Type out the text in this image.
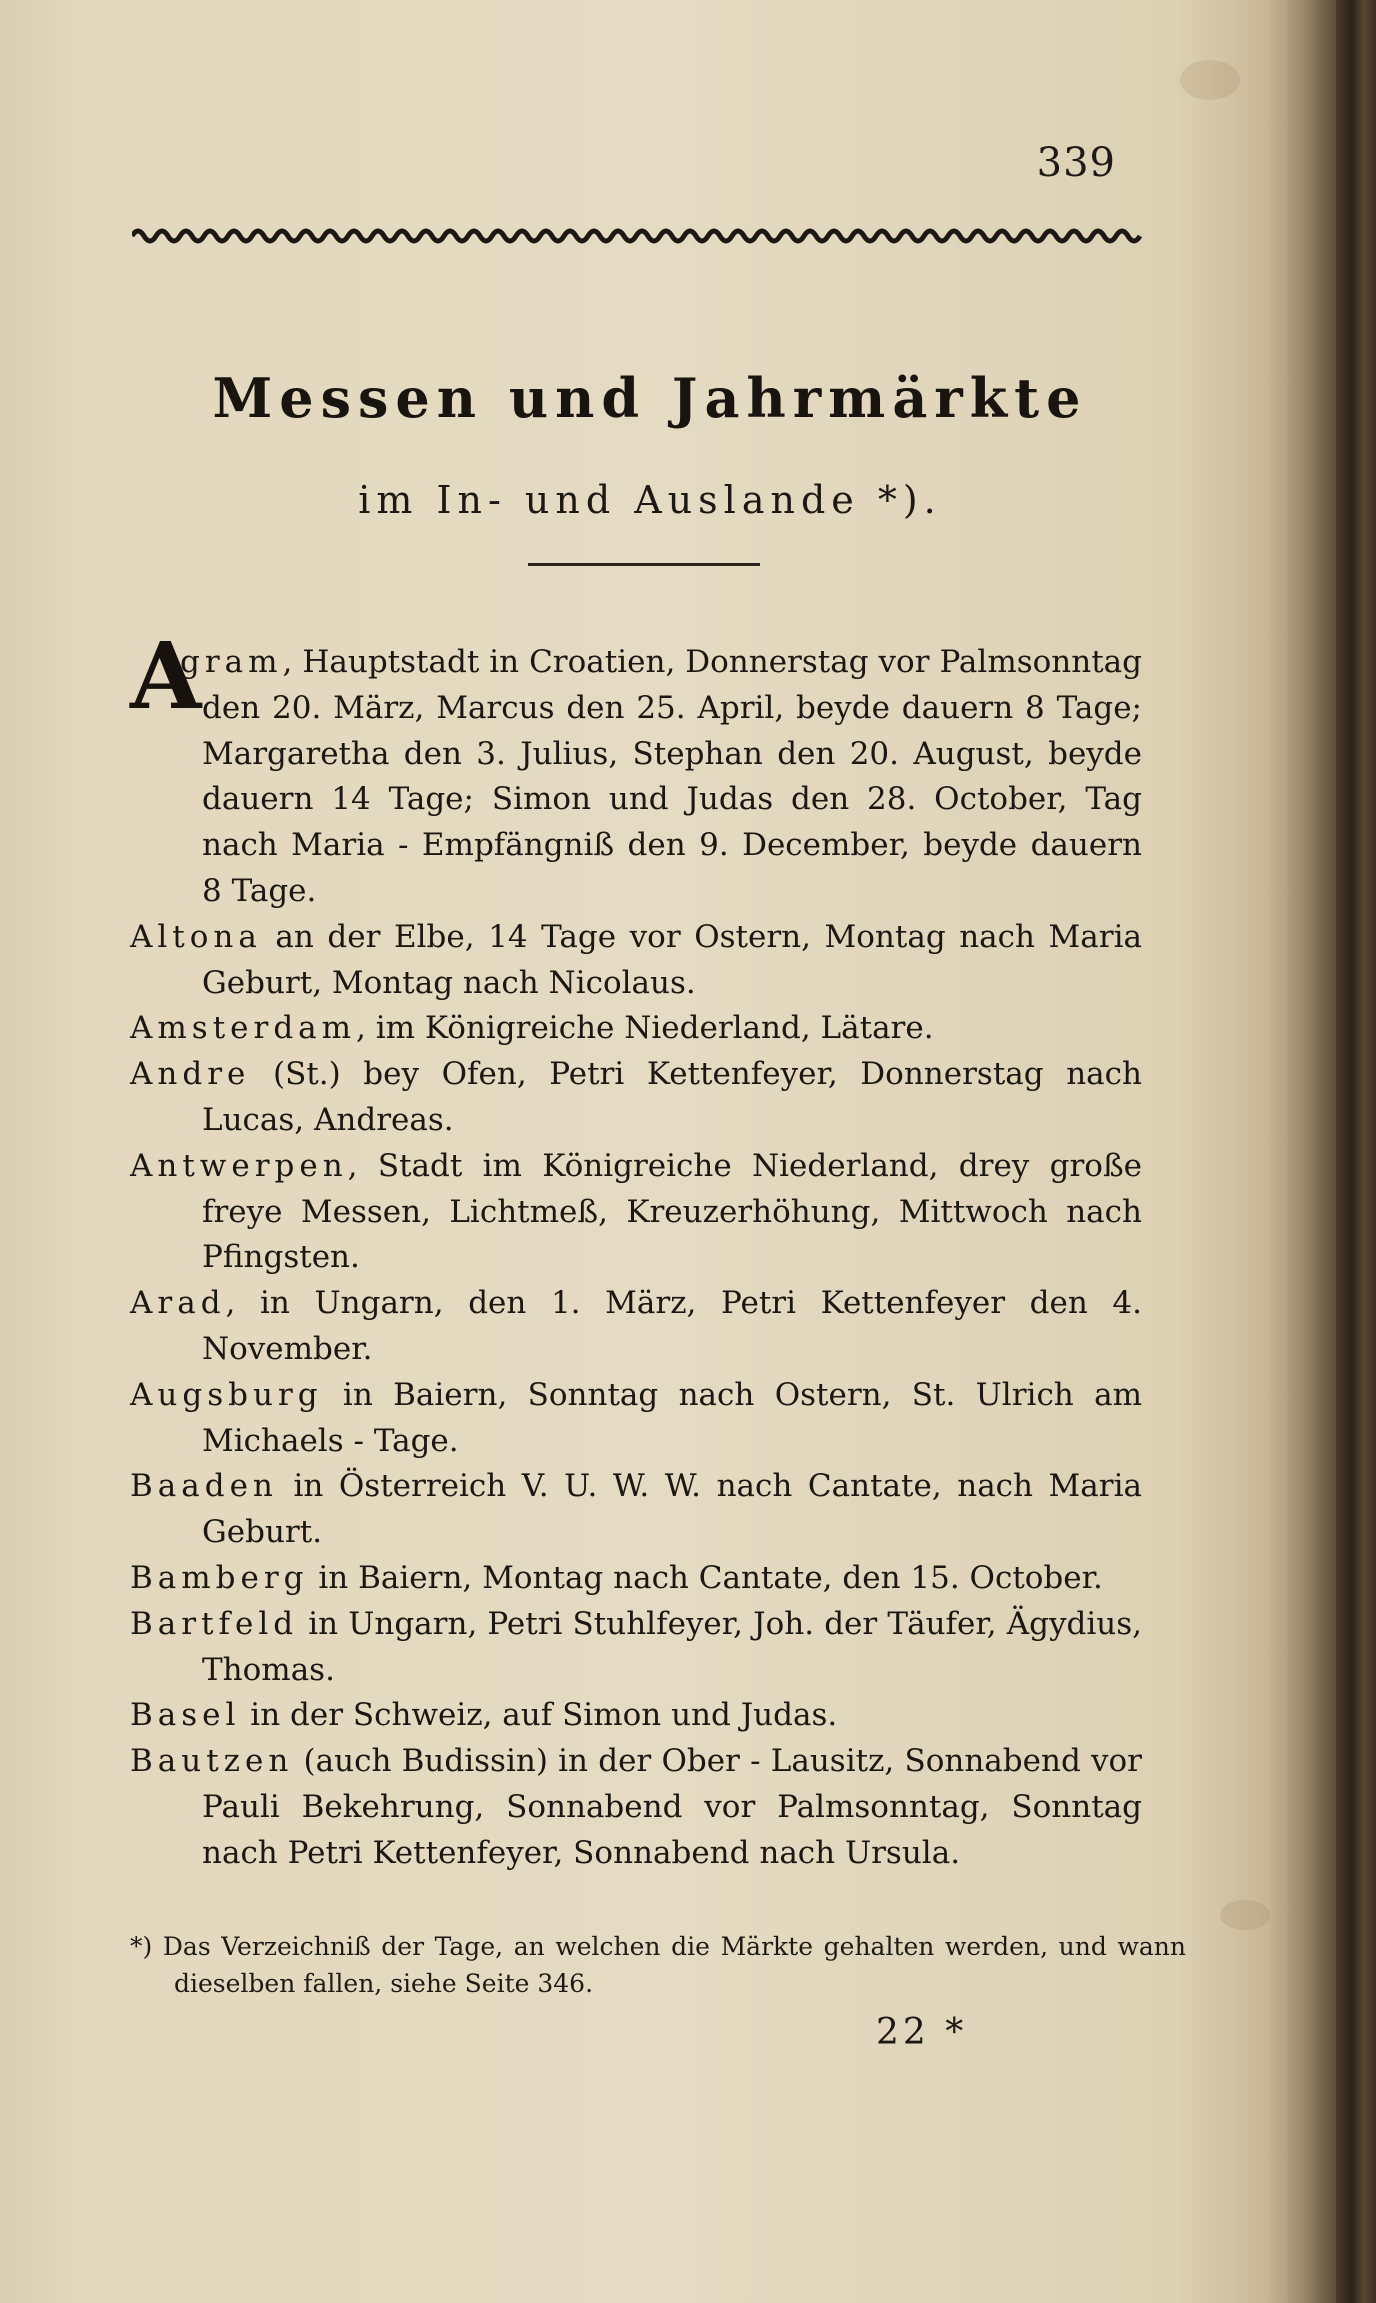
339
Messen und Jahrmärkte
im In- und Auslande *).
A
gram, Hauptstadt in Croatien, Donnerstag vor Palmsonntag den 20. März, Marcus den 25. April, beyde dauern 8 Tage; Margaretha den 3. Julius, Stephan den 20. August, beyde dauern 14 Tage; Simon und Judas den 28. October, Tag nach Maria - Empfängniß den 9. December, beyde dauern 8 Tage.
Altona an der Elbe, 14 Tage vor Ostern, Montag nach Maria Geburt, Montag nach Nicolaus.
Amsterdam, im Königreiche Niederland, Lätare.
Andre (St.) bey Ofen, Petri Kettenfeyer, Donnerstag nach Lucas, Andreas.
Antwerpen, Stadt im Königreiche Niederland, drey große freye Messen, Lichtmeß, Kreuzerhöhung, Mittwoch nach Pfingsten.
Arad, in Ungarn, den 1. März, Petri Kettenfeyer den 4. November.
Augsburg in Baiern, Sonntag nach Ostern, St. Ulrich am Michaels - Tage.
Baaden in Österreich V. U. W. W. nach Cantate, nach Maria Geburt.
Bamberg in Baiern, Montag nach Cantate, den 15. October.
Bartfeld in Ungarn, Petri Stuhlfeyer, Joh. der Täufer, Ägydius, Thomas.
Basel in der Schweiz, auf Simon und Judas.
Bautzen (auch Budissin) in der Ober - Lausitz, Sonnabend vor Pauli Bekehrung, Sonnabend vor Palmsonntag, Sonntag nach Petri Kettenfeyer, Sonnabend nach Ursula.
*) Das Verzeichniß der Tage, an welchen die Märkte gehalten werden, und wann dieselben fallen, siehe Seite 346.
22 *
